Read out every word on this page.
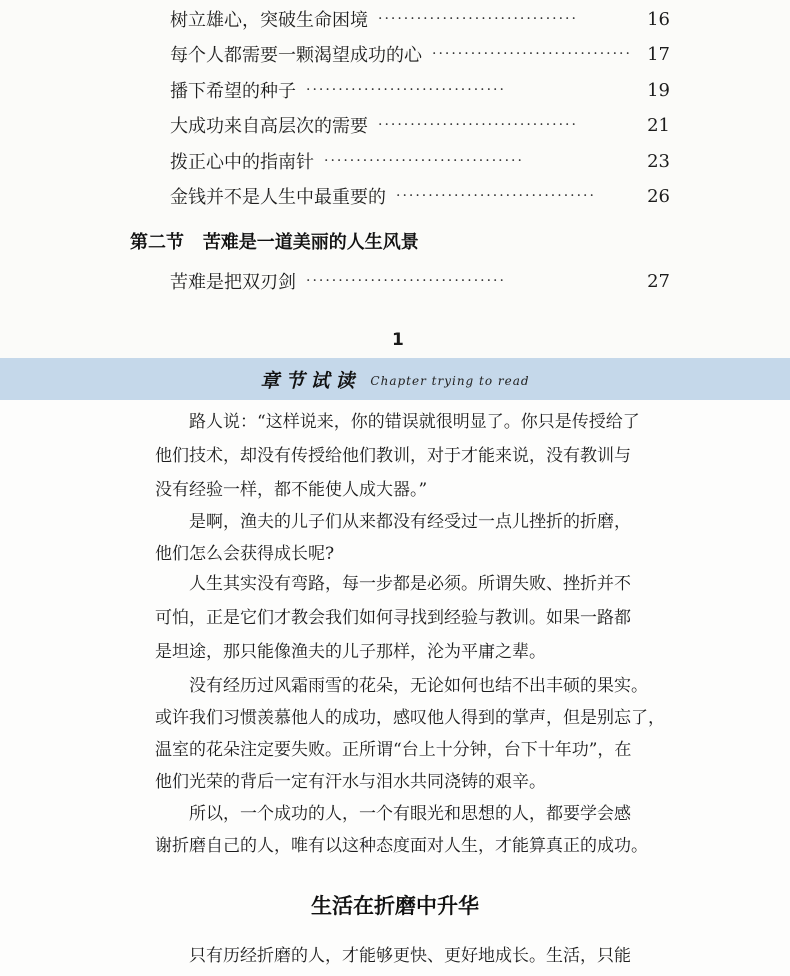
树立雄心，突破生命困境 ·······························	16
每个人都需要一颗渴望成功的心 ······························· 17
播下希望的种子 ·······························	19
大成功来自高层次的需要 ·······························	21
拨正心中的指南针 ·······························	23
金钱并不是人生中最重要的 ·······························	26
第二节 苦难是一道美丽的人生风景
苦难是把双刃剑 ·······························	27
1
章节试读 Chapter trying to read
　　路人说：“这样说来，你的错误就很明显了。你只是传授给了
他们技术，却没有传授给他们教训，对于才能来说，没有教训与
没有经验一样，都不能使人成大器。”
　　是啊，渔夫的儿子们从来都没有经受过一点儿挫折的折磨，
他们怎么会获得成长呢?
　　人生其实没有弯路，每一步都是必须。所谓失败、挫折并不
可怕，正是它们才教会我们如何寻找到经验与教训。如果一路都
是坦途，那只能像渔夫的儿子那样，沦为平庸之辈。
　　没有经历过风霜雨雪的花朵，无论如何也结不出丰硕的果实。
或许我们习惯羡慕他人的成功，感叹他人得到的掌声，但是别忘了，
温室的花朵注定要失败。正所谓“台上十分钟，台下十年功”，在
他们光荣的背后一定有汗水与泪水共同浇铸的艰辛。
　　所以，一个成功的人，一个有眼光和思想的人，都要学会感
谢折磨自己的人，唯有以这种态度面对人生，才能算真正的成功。
生活在折磨中升华
　　只有历经折磨的人，才能够更快、更好地成长。生活，只能
